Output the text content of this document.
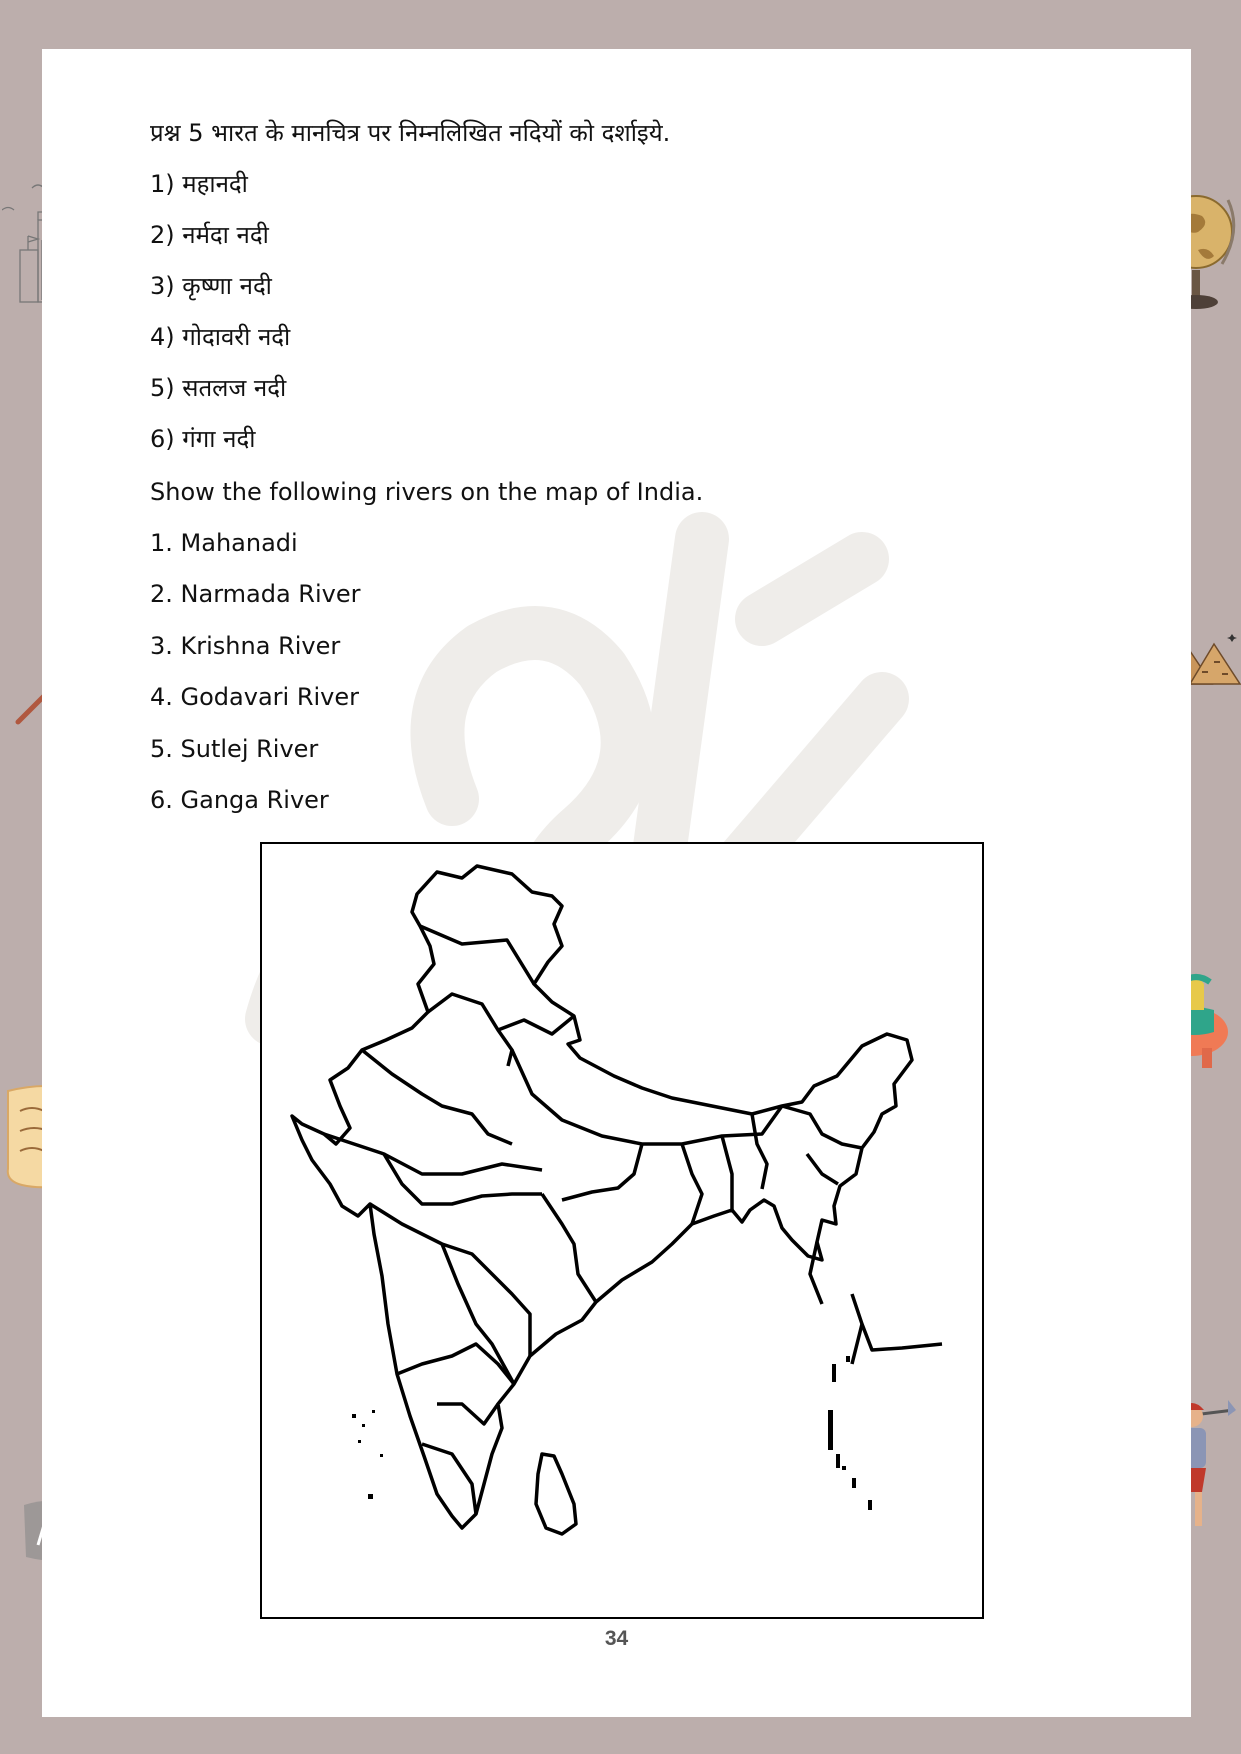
प्रश्न 5 भारत के मानचित्र पर निम्नलिखित नदियों को दर्शाइये.

1) महानदी

2) नर्मदा नदी

3) कृष्णा नदी

4) गोदावरी नदी

5) सतलज नदी

6) गंगा नदी

Show the following rivers on the map of India.

1. Mahanadi

2. Narmada River

3. Krishna River

4. Godavari River

5. Sutlej River

6. Ganga River

34
